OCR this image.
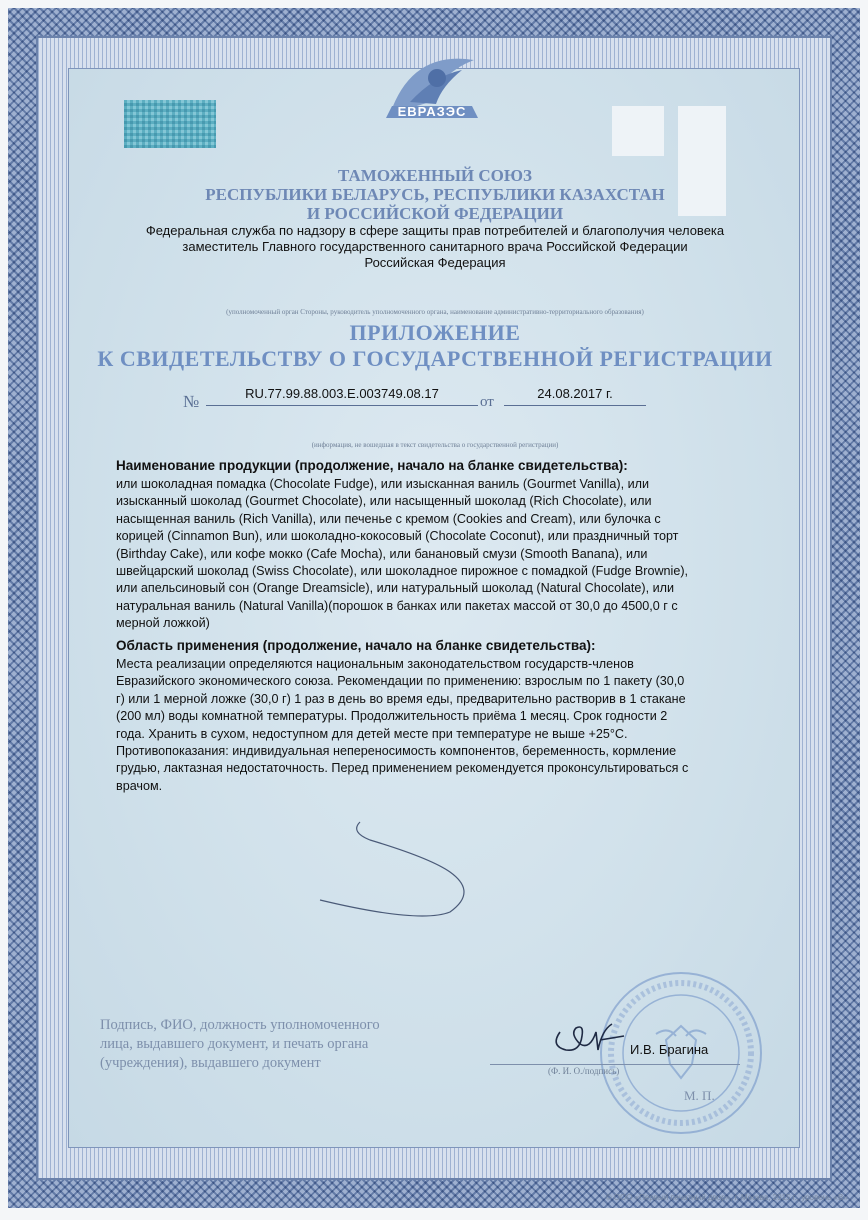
ЕВРАЗЭС
ТАМОЖЕННЫЙ СОЮЗ
РЕСПУБЛИКИ БЕЛАРУСЬ, РЕСПУБЛИКИ КАЗАХСТАН
И РОССИЙСКОЙ ФЕДЕРАЦИИ
Федеральная служба по надзору в сфере защиты прав потребителей и благополучия человека
заместитель Главного государственного санитарного врача Российской Федерации
Российская Федерация
(уполномоченный орган Стороны, руководитель уполномоченного органа, наименование административно-территориального образования)
ПРИЛОЖЕНИЕ
К СВИДЕТЕЛЬСТВУ О ГОСУДАРСТВЕННОЙ РЕГИСТРАЦИИ
№	RU.77.99.88.003.E.003749.08.17
от
24.08.2017 г.
(информация, не вошедшая в текст свидетельства о государственной регистрации)
Наименование продукции (продолжение, начало на бланке свидетельства):
или шоколадная помадка (Chocolate Fudge), или изысканная ваниль (Gourmet Vanilla), или
изысканный шоколад (Gourmet Chocolate), или насыщенный шоколад (Rich Chocolate), или
насыщенная ваниль (Rich Vanilla), или печенье с кремом (Cookies and Cream), или булочка с
корицей (Cinnamon Bun), или шоколадно-кокосовый (Chocolate Coconut), или праздничный торт
(Birthday Cake), или кофе мокко (Cafe Mocha), или банановый смузи (Smooth Banana), или
швейцарский шоколад (Swiss Chocolate), или шоколадное пирожное с помадкой (Fudge Brownie),
или апельсиновый сон (Orange Dreamsicle), или натуральный шоколад (Natural Chocolate), или
натуральная ваниль (Natural Vanilla)(порошок в банках или пакетах массой от 30,0 до 4500,0 г с
мерной ложкой)
Область применения (продолжение, начало на бланке свидетельства):
Места реализации определяются национальным законодательством государств-членов
Евразийского экономического союза. Рекомендации по применению: взрослым по 1 пакету (30,0
г) или 1 мерной ложке (30,0 г) 1 раз в день во время еды, предварительно растворив в 1 стакане
(200 мл) воды комнатной температуры. Продолжительность приёма 1 месяц. Срок годности 2
года. Хранить в сухом, недоступном для детей месте при температуре не выше +25°С.
Противопоказания: индивидуальная непереносимость компонентов, беременность, кормление
грудью, лактазная недостаточность. Перед применением рекомендуется проконсультироваться с
врачом.
Подпись, ФИО, должность уполномоченного
лица, выдавшего документ, и печать органа
(учреждения), выдавшего документ
И.В. Брагина
(Ф. И. О./подпись)
М. П.
© ООО «Первый печатный двор», г. Москва, 2015 г., уровень «В».
